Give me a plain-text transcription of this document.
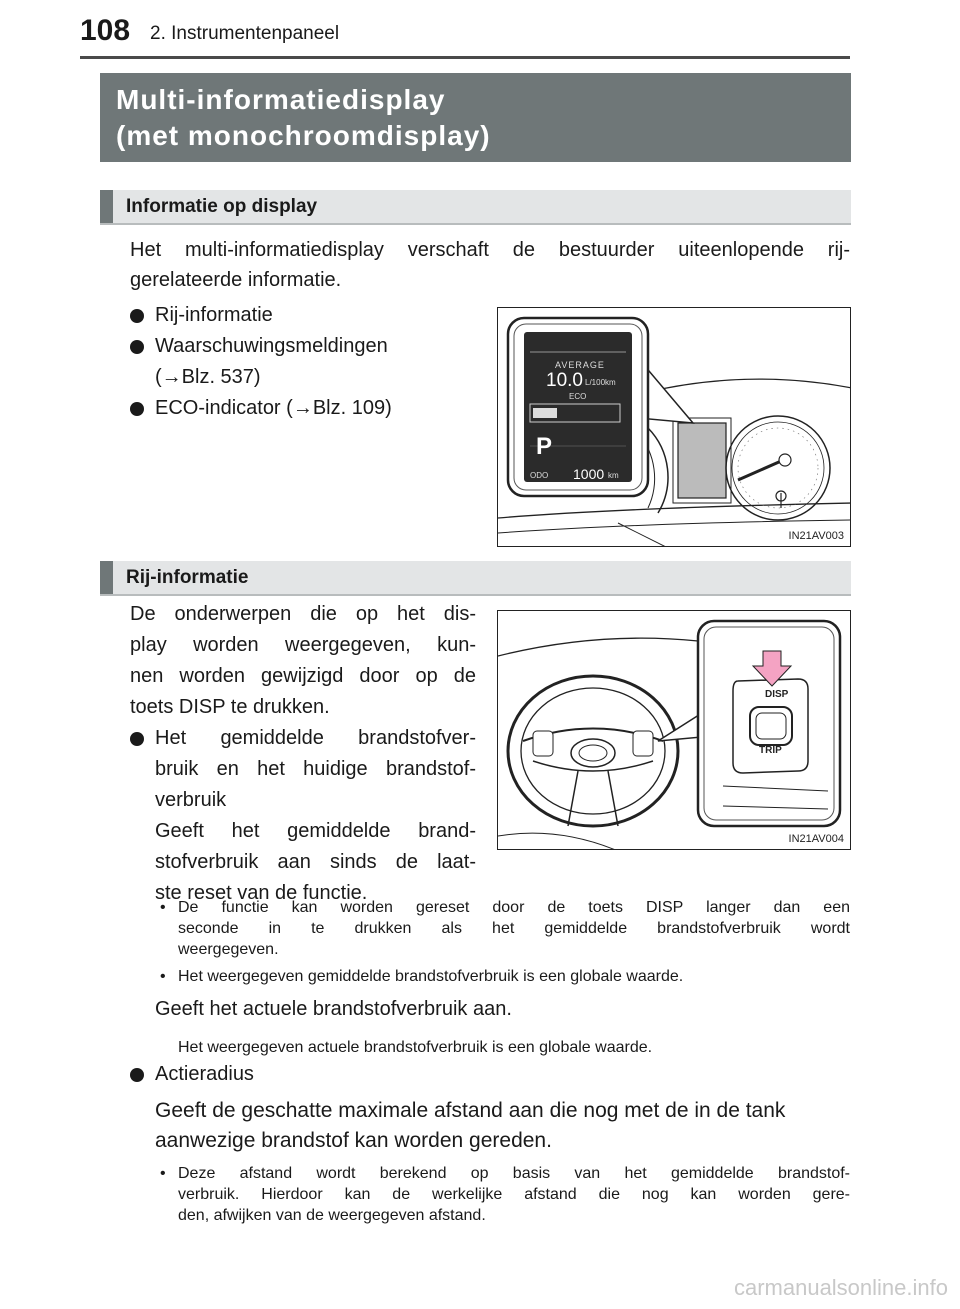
108 2. Instrumentenpaneel
Multi-informatiedisplay
(met monochroomdisplay)
Informatie op display
Het multi-informatiedisplay verschaft de bestuurder uiteenlopende rij-
gerelateerde informatie.
Rij-informatie
Waarschuwingsmeldingen
(→Blz. 537)
ECO-indicator (→Blz. 109)
AVERAGE
10.0 L/100km
ECO
P
ODO 1000 km
IN21AV003
Rij-informatie
De onderwerpen die op het dis-
play worden weergegeven, kun-
nen worden gewijzigd door op de
toets DISP te drukken.
Het gemiddelde brandstofver-
bruik en het huidige brandstof-
verbruik
Geeft het gemiddelde brand-
stofverbruik aan sinds de laat-
ste reset van de functie.
DISP
TRIP
IN21AV004
• De functie kan worden gereset door de toets DISP langer dan een
seconde in te drukken als het gemiddelde brandstofverbruik wordt
weergegeven.
• Het weergegeven gemiddelde brandstofverbruik is een globale waarde.
Geeft het actuele brandstofverbruik aan.
Het weergegeven actuele brandstofverbruik is een globale waarde.
Actieradius
Geeft de geschatte maximale afstand aan die nog met de in de tank
aanwezige brandstof kan worden gereden.
• Deze afstand wordt berekend op basis van het gemiddelde brandstof-
verbruik. Hierdoor kan de werkelijke afstand die nog kan worden gere-
den, afwijken van de weergegeven afstand.
carmanualsonline.info
